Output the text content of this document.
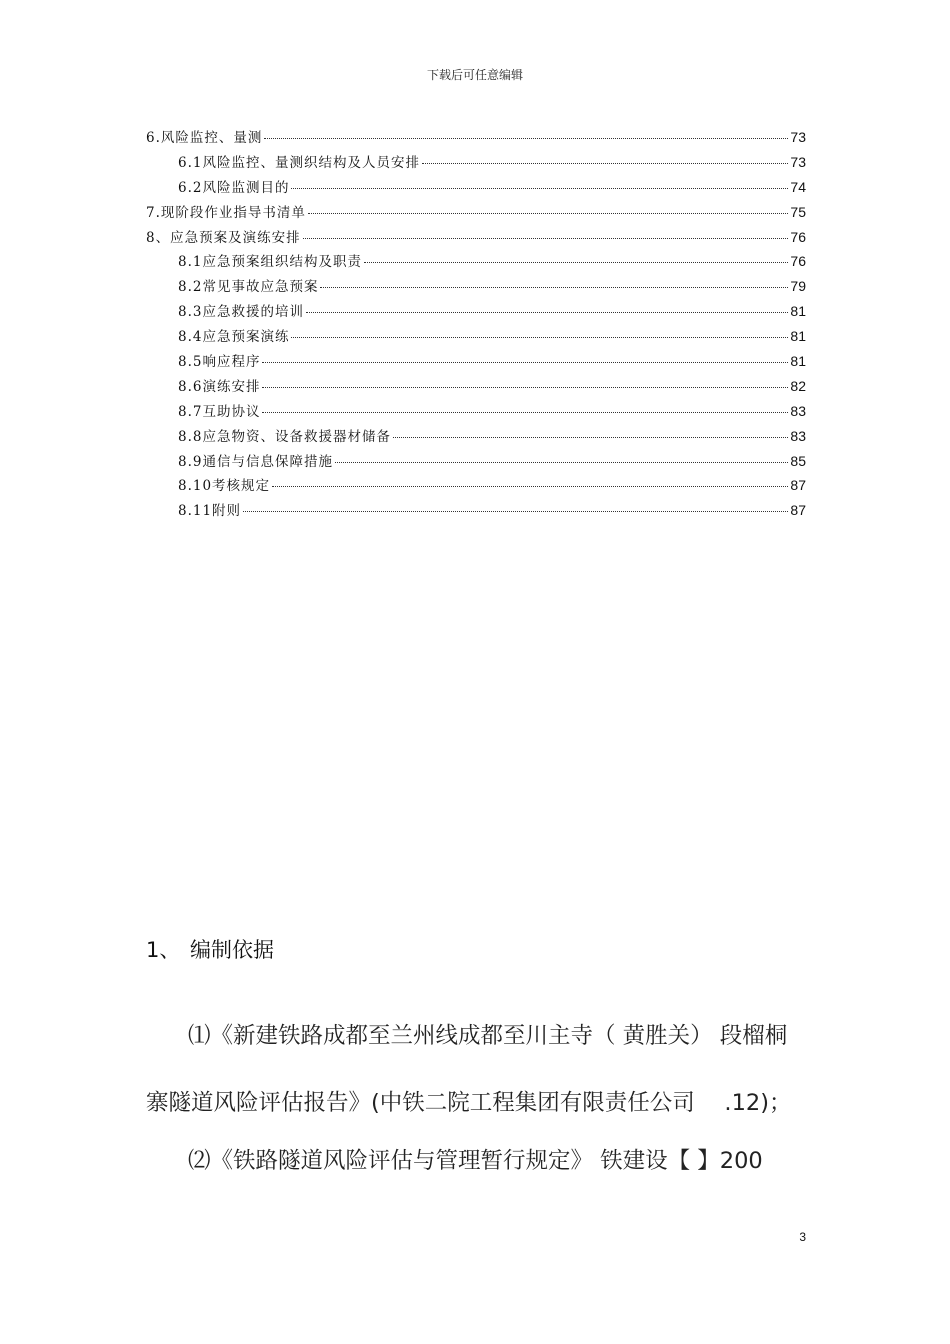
下载后可任意编辑
6.风险监控、量测	73
6.1风险监控、量测织结构及人员安排	73
6.2风险监测目的	74
7.现阶段作业指导书清单	75
8、应急预案及演练安排	76
8.1应急预案组织结构及职责	76
8.2常见事故应急预案	79
8.3应急救援的培训	81
8.4应急预案演练	81
8.5响应程序	81
8.6演练安排	82
8.7互助协议	83
8.8应急物资、设备救援器材储备	83
8.9通信与信息保障措施	85
8.10考核规定	87
8.11附则	87
1、 编制依据
⑴《新建铁路成都至兰州线成都至川主寺（ 黄胜关） 段榴桐
寨隧道风险评估报告》(中铁二院工程集团有限责任公司　 .12)；
⑵《铁路隧道风险评估与管理暂行规定》 铁建设【 】200
3
